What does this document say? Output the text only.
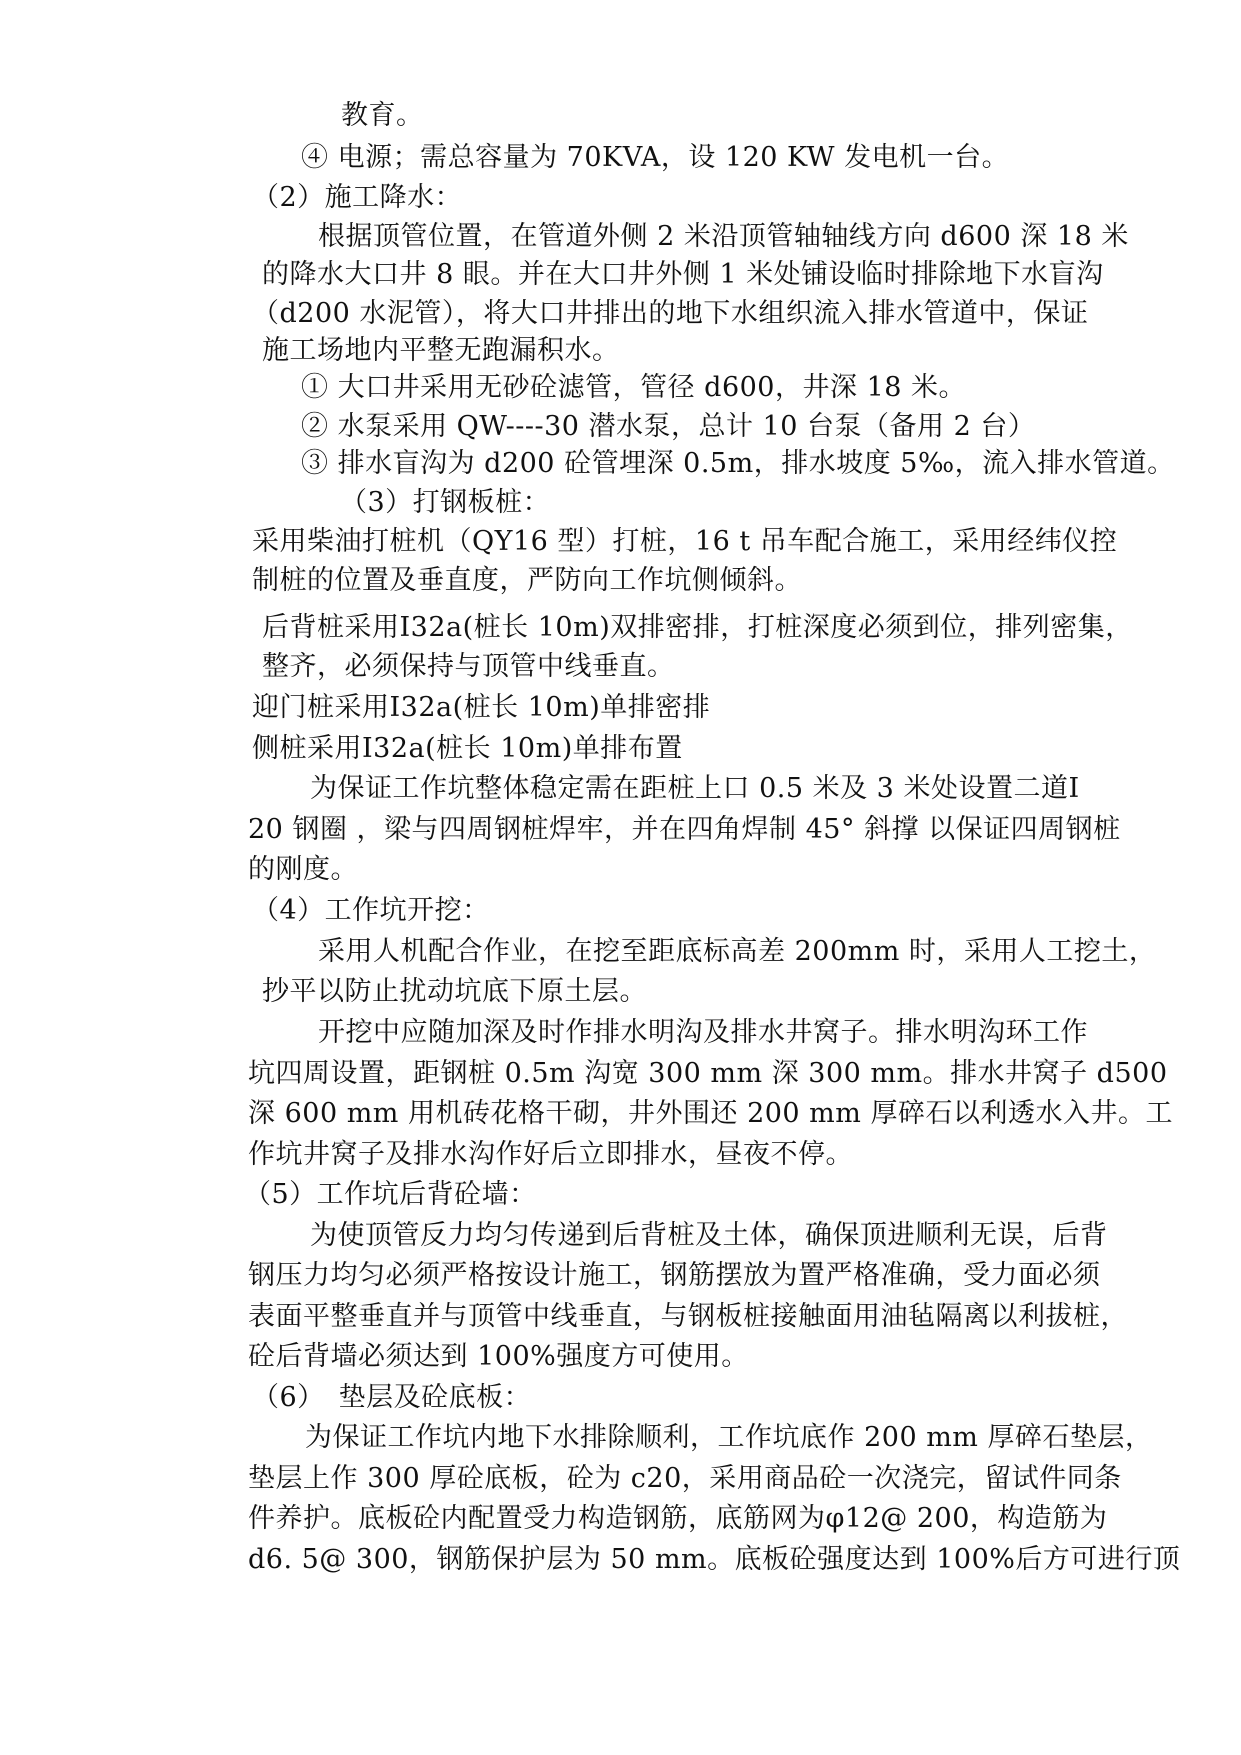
教育。
④ 电源；需总容量为 70KVA，设 120 KW 发电机一台。
（2）施工降水：
根据顶管位置，在管道外侧 2 米沿顶管轴轴线方向 d600 深 18 米
的降水大口井 8 眼。并在大口井外侧 1 米处铺设临时排除地下水盲沟
（d200 水泥管），将大口井排出的地下水组织流入排水管道中，保证
施工场地内平整无跑漏积水。
① 大口井采用无砂砼滤管，管径 d600，井深 18 米。
② 水泵采用 QW----30 潜水泵，总计 10 台泵（备用 2 台）
③ 排水盲沟为 d200 砼管埋深 0.5m，排水坡度 5‰，流入排水管道。
（3）打钢板桩：
采用柴油打桩机（QY16 型）打桩，16 t 吊车配合施工，采用经纬仪控
制桩的位置及垂直度，严防向工作坑侧倾斜。
后背桩采用Ⅰ32a(桩长 10m)双排密排，打桩深度必须到位，排列密集，
整齐，必须保持与顶管中线垂直。
迎门桩采用Ⅰ32a(桩长 10m)单排密排
侧桩采用Ⅰ32a(桩长 10m)单排布置
为保证工作坑整体稳定需在距桩上口 0.5 米及 3 米处设置二道Ⅰ
20 钢圈 ，梁与四周钢桩焊牢，并在四角焊制 45° 斜撑 以保证四周钢桩
的刚度。
（4）工作坑开挖：
采用人机配合作业，在挖至距底标高差 200mm 时，采用人工挖土，
抄平以防止扰动坑底下原土层。
开挖中应随加深及时作排水明沟及排水井窝子。排水明沟环工作
坑四周设置，距钢桩 0.5m 沟宽 300 mm 深 300 mm。排水井窝子 d500
深 600 mm 用机砖花格干砌，井外围还 200 mm 厚碎石以利透水入井。工
作坑井窝子及排水沟作好后立即排水，昼夜不停。
（5）工作坑后背砼墙：
为使顶管反力均匀传递到后背桩及土体，确保顶进顺利无误，后背
钢压力均匀必须严格按设计施工，钢筋摆放为置严格准确，受力面必须
表面平整垂直并与顶管中线垂直，与钢板桩接触面用油毡隔离以利拔桩，
砼后背墙必须达到 100%强度方可使用。
（6）　垫层及砼底板：
为保证工作坑内地下水排除顺利，工作坑底作 200 mm 厚碎石垫层，
垫层上作 300 厚砼底板，砼为 c20，采用商品砼一次浇完，留试件同条
件养护。底板砼内配置受力构造钢筋，底筋网为φ12@ 200，构造筋为
d6. 5@ 300，钢筋保护层为 50 mm。底板砼强度达到 100%后方可进行顶
